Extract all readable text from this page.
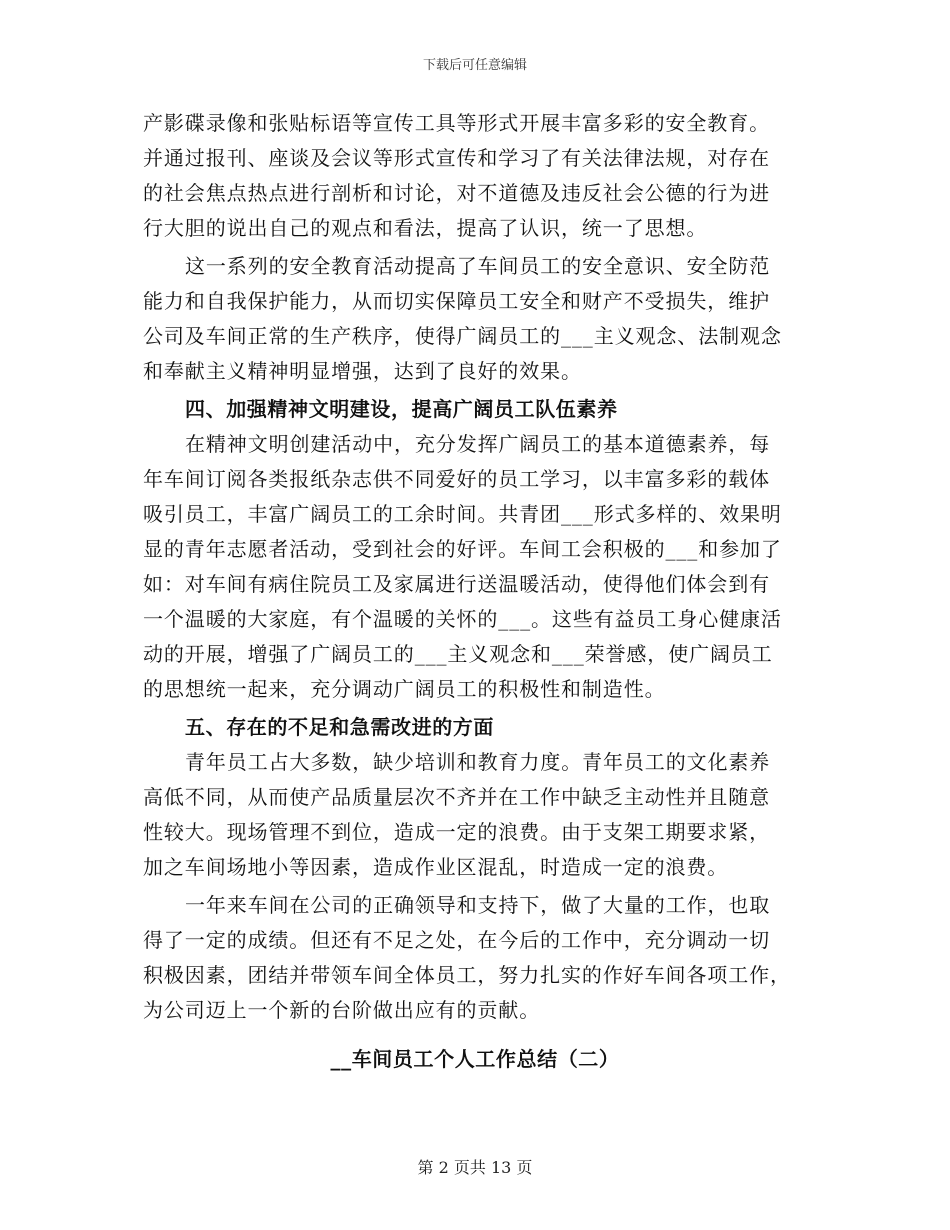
下载后可任意编辑
产影碟录像和张贴标语等宣传工具等形式开展丰富多彩的安全教育。
并通过报刊、座谈及会议等形式宣传和学习了有关法律法规，对存在
的社会焦点热点进行剖析和讨论，对不道德及违反社会公德的行为进
行大胆的说出自己的观点和看法，提高了认识，统一了思想。
这一系列的安全教育活动提高了车间员工的安全意识、安全防范
能力和自我保护能力，从而切实保障员工安全和财产不受损失，维护
公司及车间正常的生产秩序，使得广阔员工的___主义观念、法制观念
和奉献主义精神明显增强，达到了良好的效果。
四、加强精神文明建设，提高广阔员工队伍素养
在精神文明创建活动中，充分发挥广阔员工的基本道德素养，每
年车间订阅各类报纸杂志供不同爱好的员工学习，以丰富多彩的载体
吸引员工，丰富广阔员工的工余时间。共青团___形式多样的、效果明
显的青年志愿者活动，受到社会的好评。车间工会积极的___和参加了
如：对车间有病住院员工及家属进行送温暖活动，使得他们体会到有
一个温暖的大家庭，有个温暖的关怀的___。这些有益员工身心健康活
动的开展，增强了广阔员工的___主义观念和___荣誉感，使广阔员工
的思想统一起来，充分调动广阔员工的积极性和制造性。
五、存在的不足和急需改进的方面
青年员工占大多数，缺少培训和教育力度。青年员工的文化素养
高低不同，从而使产品质量层次不齐并在工作中缺乏主动性并且随意
性较大。现场管理不到位，造成一定的浪费。由于支架工期要求紧，
加之车间场地小等因素，造成作业区混乱，时造成一定的浪费。
一年来车间在公司的正确领导和支持下，做了大量的工作，也取
得了一定的成绩。但还有不足之处，在今后的工作中，充分调动一切
积极因素，团结并带领车间全体员工，努力扎实的作好车间各项工作，
为公司迈上一个新的台阶做出应有的贡献。
__车间员工个人工作总结（二）
第 2 页共 13 页
